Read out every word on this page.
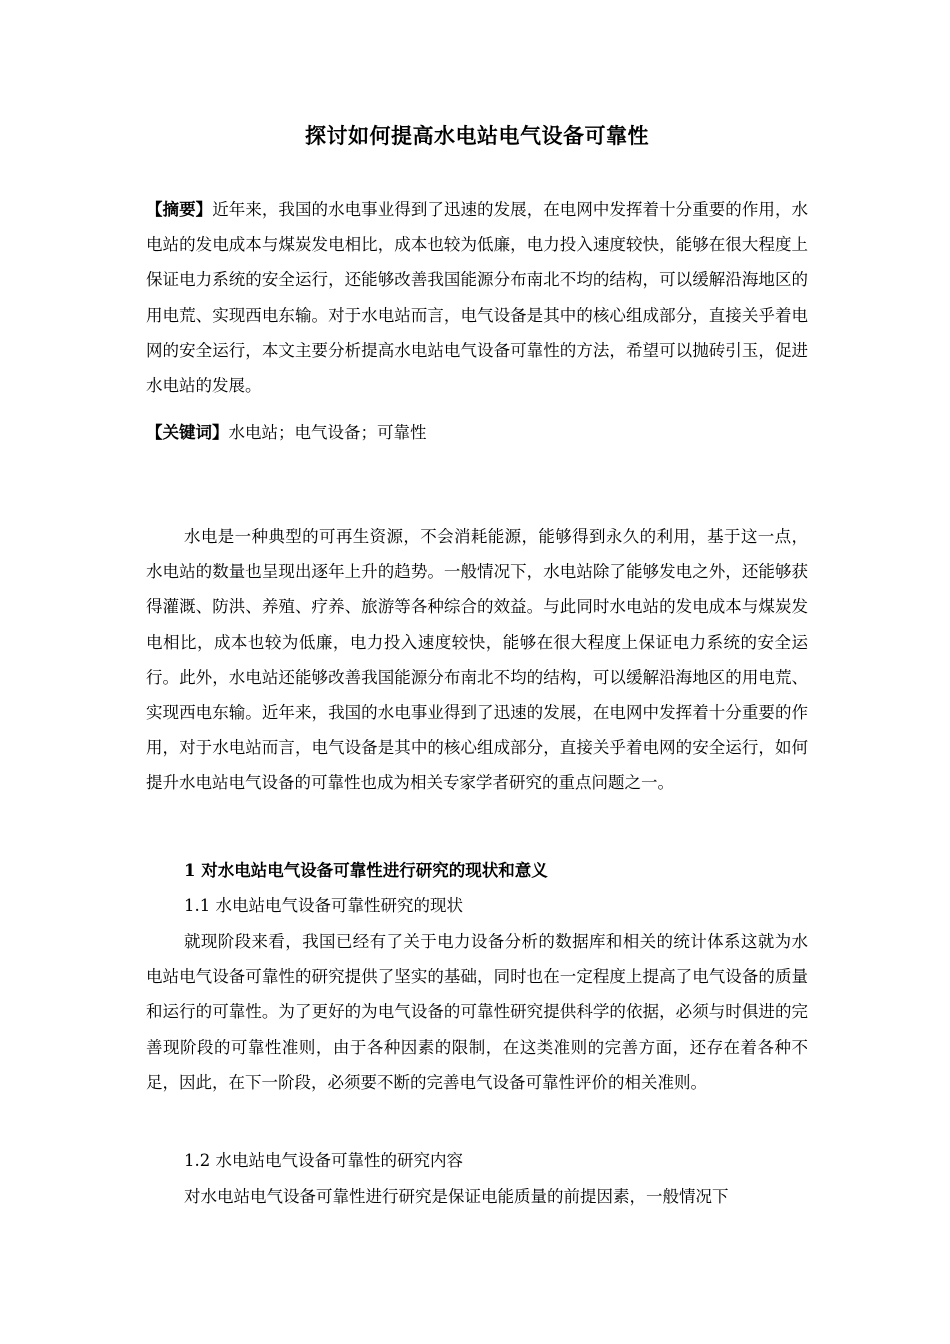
探讨如何提高水电站电气设备可靠性
【摘要】近年来，我国的水电事业得到了迅速的发展，在电网中发挥着十分重要的作用，水电站的发电成本与煤炭发电相比，成本也较为低廉，电力投入速度较快，能够在很大程度上保证电力系统的安全运行，还能够改善我国能源分布南北不均的结构，可以缓解沿海地区的用电荒、实现西电东输。对于水电站而言，电气设备是其中的核心组成部分，直接关乎着电网的安全运行，本文主要分析提高水电站电气设备可靠性的方法，希望可以抛砖引玉，促进水电站的发展。
【关键词】水电站；电气设备；可靠性
水电是一种典型的可再生资源，不会消耗能源，能够得到永久的利用，基于这一点，水电站的数量也呈现出逐年上升的趋势。一般情况下，水电站除了能够发电之外，还能够获得灌溉、防洪、养殖、疗养、旅游等各种综合的效益。与此同时水电站的发电成本与煤炭发电相比，成本也较为低廉，电力投入速度较快，能够在很大程度上保证电力系统的安全运行。此外，水电站还能够改善我国能源分布南北不均的结构，可以缓解沿海地区的用电荒、实现西电东输。近年来，我国的水电事业得到了迅速的发展，在电网中发挥着十分重要的作用，对于水电站而言，电气设备是其中的核心组成部分，直接关乎着电网的安全运行，如何提升水电站电气设备的可靠性也成为相关专家学者研究的重点问题之一。
1 对水电站电气设备可靠性进行研究的现状和意义
1.1 水电站电气设备可靠性研究的现状
就现阶段来看，我国已经有了关于电力设备分析的数据库和相关的统计体系这就为水电站电气设备可靠性的研究提供了坚实的基础，同时也在一定程度上提高了电气设备的质量和运行的可靠性。为了更好的为电气设备的可靠性研究提供科学的依据，必须与时俱进的完善现阶段的可靠性准则，由于各种因素的限制，在这类准则的完善方面，还存在着各种不足，因此，在下一阶段，必须要不断的完善电气设备可靠性评价的相关准则。
1.2 水电站电气设备可靠性的研究内容
对水电站电气设备可靠性进行研究是保证电能质量的前提因素，一般情况下
